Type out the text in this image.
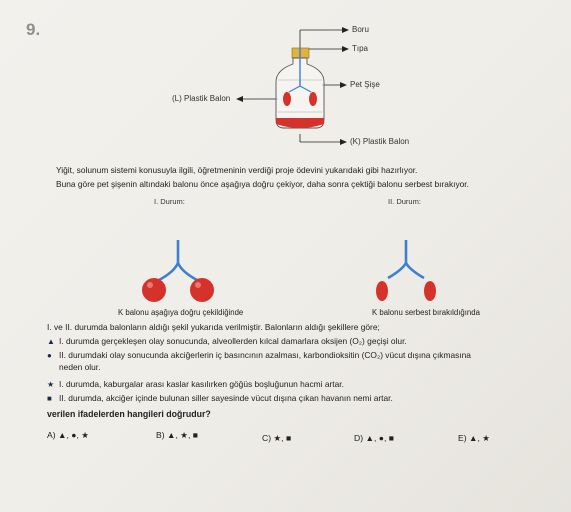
9.	Boru
Tıpa
Pet Şişe
(L) Plastik Balon
(K) Plastik Balon
Yiğit, solunum sistemi konusuyla ilgili, öğretmeninin verdiği proje ödevini yukarıdaki gibi hazırlıyor.
Buna göre pet şişenin altındaki balonu önce aşağıya doğru çekiyor, daha sonra çektiği balonu serbest bırakıyor.
I. Durum:	II. Durum:
K balonu aşağıya doğru çekildiğinde	K balonu serbest bırakıldığında
I. ve II. durumda balonların aldığı şekil yukarıda verilmiştir. Balonların aldığı şekillere göre;
▲ I. durumda gerçekleşen olay sonucunda, alveollerden kılcal damarlara oksijen (O₂) geçişi olur.
● II. durumdaki olay sonucunda akciğerlerin iç basıncının azalması, karbondioksitin (CO₂) vücut dışına çıkmasına
neden olur.
★ I. durumda, kaburgalar arası kaslar kasılırken göğüs boşluğunun hacmi artar.
■ II. durumda, akciğer içinde bulunan siller sayesinde vücut dışına çıkan havanın nemi artar.
verilen ifadelerden hangileri doğrudur?
A) ▲, ●, ★	B) ▲, ★, ■	C) ★, ■	D) ▲, ●, ■	E) ▲, ★
